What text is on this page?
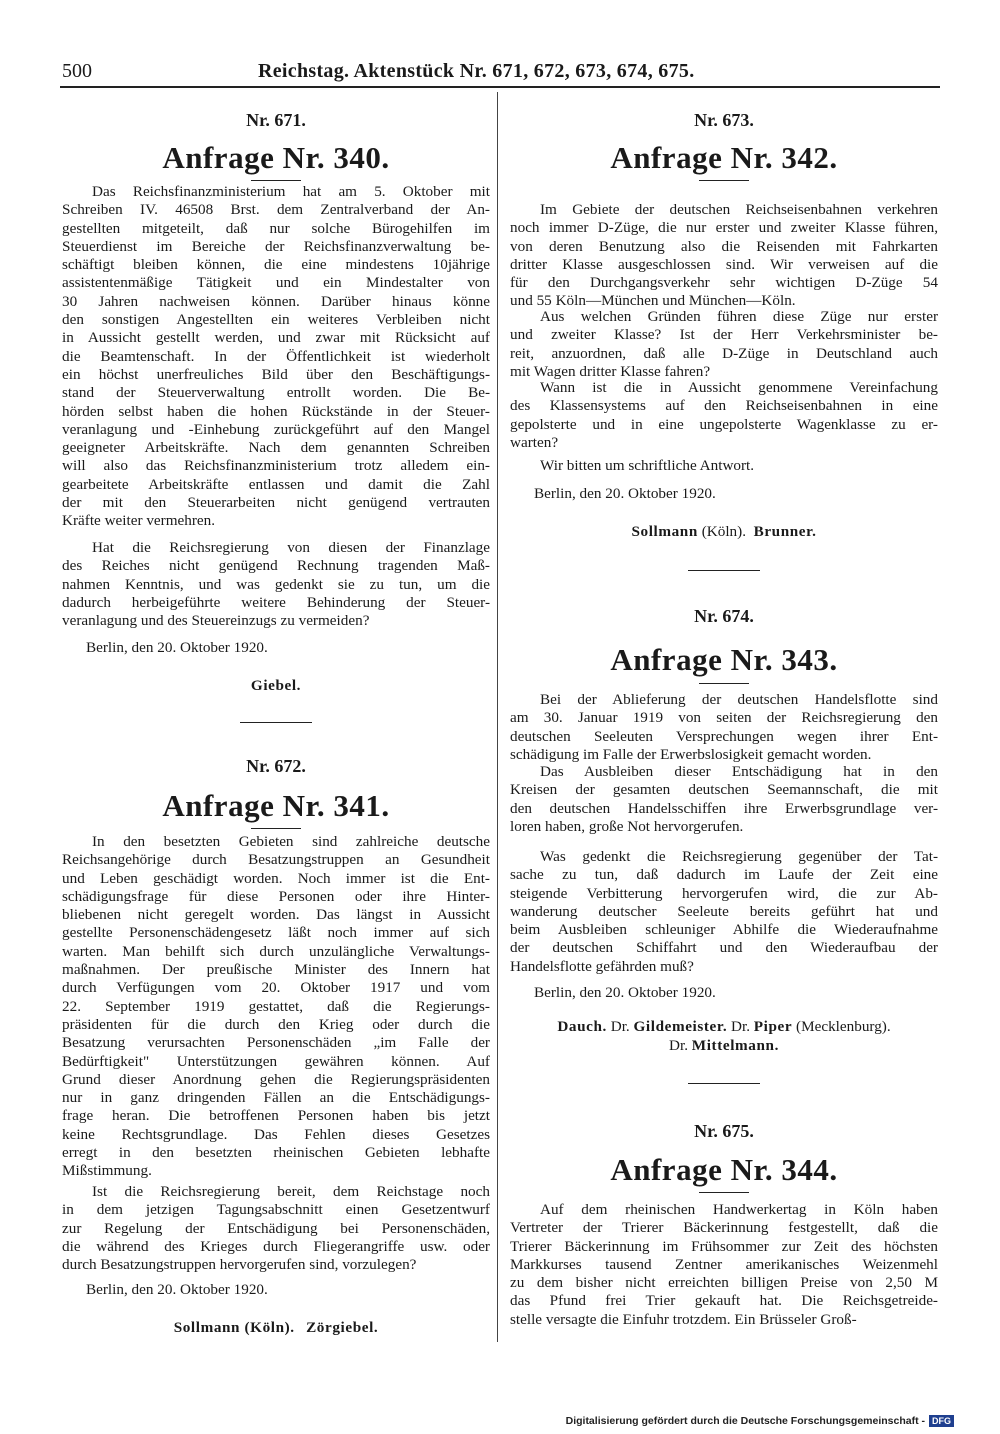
500	Reichstag. Aktenstück Nr. 671, 672, 673, 674, 675.
Nr. 671.
Anfrage Nr. 340.
Das Reichsfinanzministerium hat am 5. Oktober mit
Schreiben IV. 46508 Brst. dem Zentralverband der An-
gestellten mitgeteilt, daß nur solche Bürogehilfen im
Steuerdienst im Bereiche der Reichsfinanzverwaltung be-
schäftigt bleiben können, die eine mindestens 10jährige
assistentenmäßige Tätigkeit und ein Mindestalter von
30 Jahren nachweisen können. Darüber hinaus könne
den sonstigen Angestellten ein weiteres Verbleiben nicht
in Aussicht gestellt werden, und zwar mit Rücksicht auf
die Beamtenschaft. In der Öffentlichkeit ist wiederholt
ein höchst unerfreuliches Bild über den Beschäftigungs-
stand der Steuerverwaltung entrollt worden. Die Be-
hörden selbst haben die hohen Rückstände in der Steuer-
veranlagung und -Einhebung zurückgeführt auf den Mangel
geeigneter Arbeitskräfte. Nach dem genannten Schreiben
will also das Reichsfinanzministerium trotz alledem ein-
gearbeitete Arbeitskräfte entlassen und damit die Zahl
der mit den Steuerarbeiten nicht genügend vertrauten
Kräfte weiter vermehren.
Hat die Reichsregierung von diesen der Finanzlage
des Reiches nicht genügend Rechnung tragenden Maß-
nahmen Kenntnis, und was gedenkt sie zu tun, um die
dadurch herbeigeführte weitere Behinderung der Steuer-
veranlagung und des Steuereinzugs zu vermeiden?
Berlin, den 20. Oktober 1920.
Giebel.
Nr. 672.
Anfrage Nr. 341.
In den besetzten Gebieten sind zahlreiche deutsche
Reichsangehörige durch Besatzungstruppen an Gesundheit
und Leben geschädigt worden. Noch immer ist die Ent-
schädigungsfrage für diese Personen oder ihre Hinter-
bliebenen nicht geregelt worden. Das längst in Aussicht
gestellte Personenschädengesetz läßt noch immer auf sich
warten. Man behilft sich durch unzulängliche Verwaltungs-
maßnahmen. Der preußische Minister des Innern hat
durch Verfügungen vom 20. Oktober 1917 und vom
22. September 1919 gestattet, daß die Regierungs-
präsidenten für die durch den Krieg oder durch die
Besatzung verursachten Personenschäden „im Falle der
Bedürftigkeit" Unterstützungen gewähren können. Auf
Grund dieser Anordnung gehen die Regierungspräsidenten
nur in ganz dringenden Fällen an die Entschädigungs-
frage heran. Die betroffenen Personen haben bis jetzt
keine Rechtsgrundlage. Das Fehlen dieses Gesetzes
erregt in den besetzten rheinischen Gebieten lebhafte
Mißstimmung.
Ist die Reichsregierung bereit, dem Reichstage noch
in dem jetzigen Tagungsabschnitt einen Gesetzentwurf
zur Regelung der Entschädigung bei Personenschäden,
die während des Krieges durch Fliegerangriffe usw. oder
durch Besatzungstruppen hervorgerufen sind, vorzulegen?
Berlin, den 20. Oktober 1920.
Sollmann (Köln). Zörgiebel.
Nr. 673.
Anfrage Nr. 342.
Im Gebiete der deutschen Reichseisenbahnen verkehren
noch immer D-Züge, die nur erster und zweiter Klasse führen,
von deren Benutzung also die Reisenden mit Fahrkarten
dritter Klasse ausgeschlossen sind. Wir verweisen auf die
für den Durchgangsverkehr sehr wichtigen D-Züge 54
und 55 Köln—München und München—Köln.
Aus welchen Gründen führen diese Züge nur erster
und zweiter Klasse? Ist der Herr Verkehrsminister be-
reit, anzuordnen, daß alle D-Züge in Deutschland auch
mit Wagen dritter Klasse fahren?
Wann ist die in Aussicht genommene Vereinfachung
des Klassensystems auf den Reichseisenbahnen in eine
gepolsterte und in eine ungepolsterte Wagenklasse zu er-
warten?
Wir bitten um schriftliche Antwort.
Berlin, den 20. Oktober 1920.
Sollmann (Köln).  Brunner.
Nr. 674.
Anfrage Nr. 343.
Bei der Ablieferung der deutschen Handelsflotte sind
am 30. Januar 1919 von seiten der Reichsregierung den
deutschen Seeleuten Versprechungen wegen ihrer Ent-
schädigung im Falle der Erwerbslosigkeit gemacht worden.
Das Ausbleiben dieser Entschädigung hat in den
Kreisen der gesamten deutschen Seemannschaft, die mit
den deutschen Handelsschiffen ihre Erwerbsgrundlage ver-
loren haben, große Not hervorgerufen.
Was gedenkt die Reichsregierung gegenüber der Tat-
sache zu tun, daß dadurch im Laufe der Zeit eine
steigende Verbitterung hervorgerufen wird, die zur Ab-
wanderung deutscher Seeleute bereits geführt hat und
beim Ausbleiben schleuniger Abhilfe die Wiederaufnahme
der deutschen Schiffahrt und den Wiederaufbau der
Handelsflotte gefährden muß?
Berlin, den 20. Oktober 1920.
Dauch. Dr. Gildemeister. Dr. Piper (Mecklenburg).
Dr. Mittelmann.
Nr. 675.
Anfrage Nr. 344.
Auf dem rheinischen Handwerkertag in Köln haben
Vertreter der Trierer Bäckerinnung festgestellt, daß die
Trierer Bäckerinnung im Frühsommer zur Zeit des höchsten
Markkurses tausend Zentner amerikanisches Weizenmehl
zu dem bisher nicht erreichten billigen Preise von 2,50 M
das Pfund frei Trier gekauft hat. Die Reichsgetreide-
stelle versagte die Einfuhr trotzdem. Ein Brüsseler Groß-
Digitalisierung gefördert durch die Deutsche Forschungsgemeinschaft - DFG
